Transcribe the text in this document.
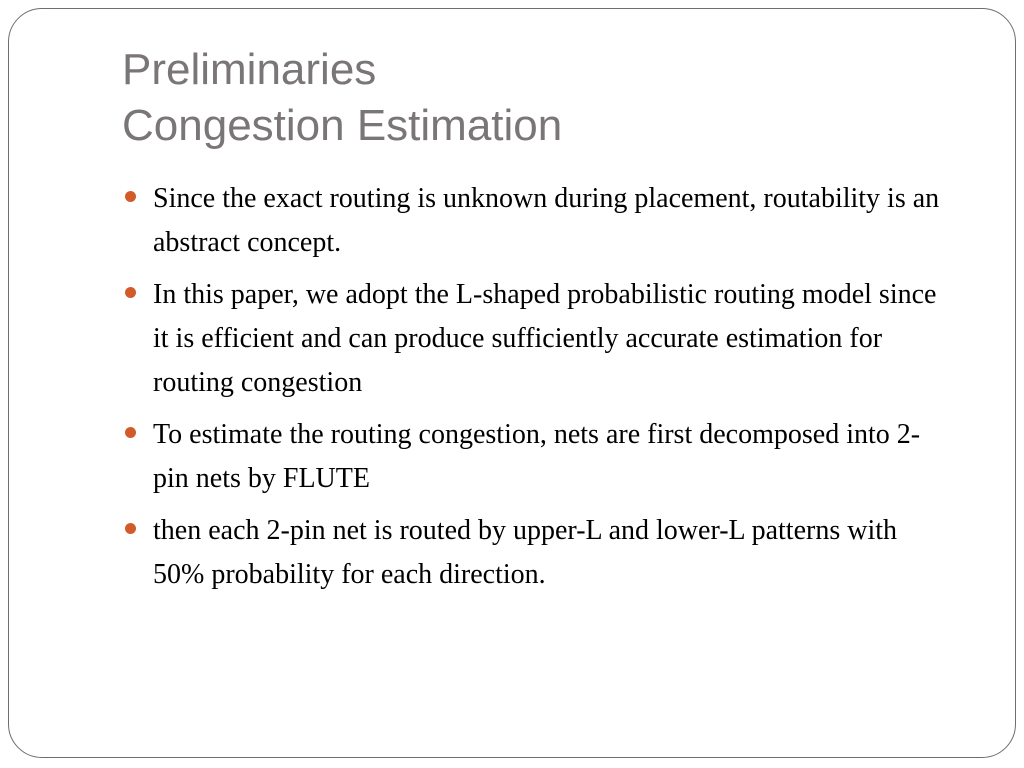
Preliminaries
Congestion Estimation
Since the exact routing is unknown during placement, routability is an abstract concept.
In this paper, we adopt the L-shaped probabilistic routing model since it is efficient and can produce sufficiently accurate estimation for routing congestion
To estimate the routing congestion, nets are first decomposed into 2-pin nets by FLUTE
then each 2-pin net is routed by upper-L and lower-L patterns with 50% probability for each direction.
